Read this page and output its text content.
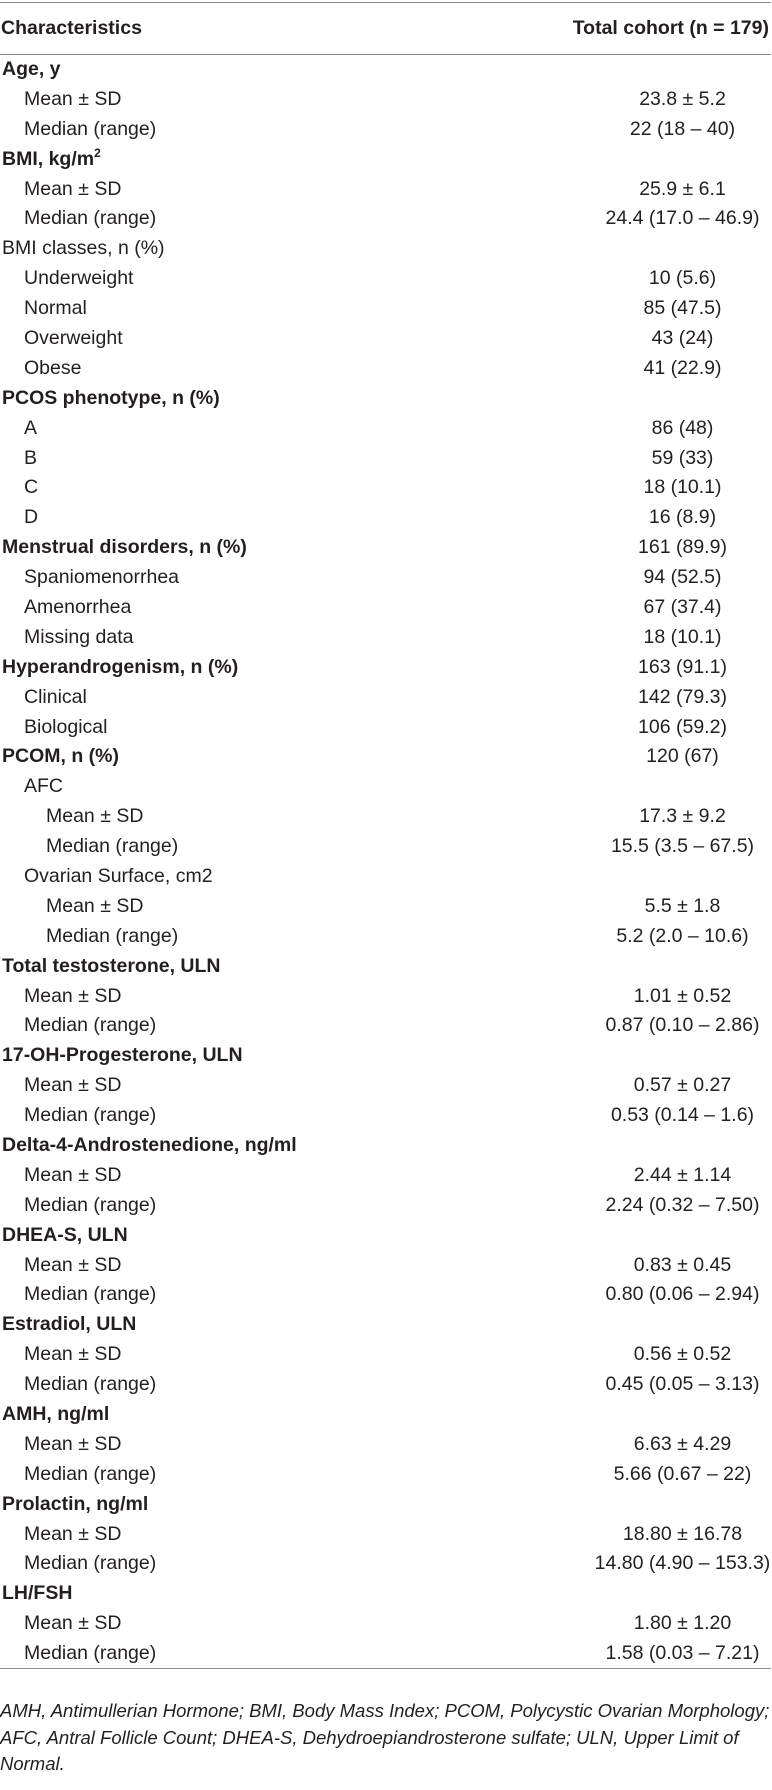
Characteristics	Total cohort (n = 179)
Age, y	
Mean ± SD	23.8 ± 5.2
Median (range)	22 (18 – 40)
BMI, $kg/m^2$	
Mean ± SD	25.9 ± 6.1
Median (range)	24.4 (17.0 – 46.9)
BMI classes, n (%)	
Underweight	10 (5.6)
Normal	85 (47.5)
Overweight	43 (24)
Obese	41 (22.9)
PCOS phenotype, n (%)	
A	86 (48)
B	59 (33)
C	18 (10.1)
D	16 (8.9)
Menstrual disorders, n (%)	161 (89.9)
Spaniomenorrhea	94 (52.5)
Amenorrhea	67 (37.4)
Missing data	18 (10.1)
Hyperandrogenism, n (%)	163 (91.1)
Clinical	142 (79.3)
Biological	106 (59.2)
PCOM, n (%)	120 (67)
AFC	
Mean ± SD	17.3 ± 9.2
Median (range)	15.5 (3.5 – 67.5)
Ovarian Surface, cm2	
Mean ± SD	5.5 ± 1.8
Median (range)	5.2 (2.0 – 10.6)
Total testosterone, ULN	
Mean ± SD	1.01 ± 0.52
Median (range)	0.87 (0.10 – 2.86)
17-OH-Progesterone, ULN	
Mean ± SD	0.57 ± 0.27
Median (range)	0.53 (0.14 – 1.6)
Delta-4-Androstenedione, ng/ml	
Mean ± SD	2.44 ± 1.14
Median (range)	2.24 (0.32 – 7.50)
DHEA-S, ULN	
Mean ± SD	0.83 ± 0.45
Median (range)	0.80 (0.06 – 2.94)
Estradiol, ULN	
Mean ± SD	0.56 ± 0.52
Median (range)	0.45 (0.05 – 3.13)
AMH, ng/ml	
Mean ± SD	6.63 ± 4.29
Median (range)	5.66 (0.67 – 22)
Prolactin, ng/ml	
Mean ± SD	18.80 ± 16.78
Median (range)	14.80 (4.90 – 153.3)
LH/FSH	
Mean ± SD	1.80 ± 1.20
Median (range)	1.58 (0.03 – 7.21)
AMH, Antimullerian Hormone; BMI, Body Mass Index; PCOM, Polycystic Ovarian Morphology; AFC, Antral Follicle Count; DHEA-S, Dehydroepiandrosterone sulfate; ULN, Upper Limit of Normal.
